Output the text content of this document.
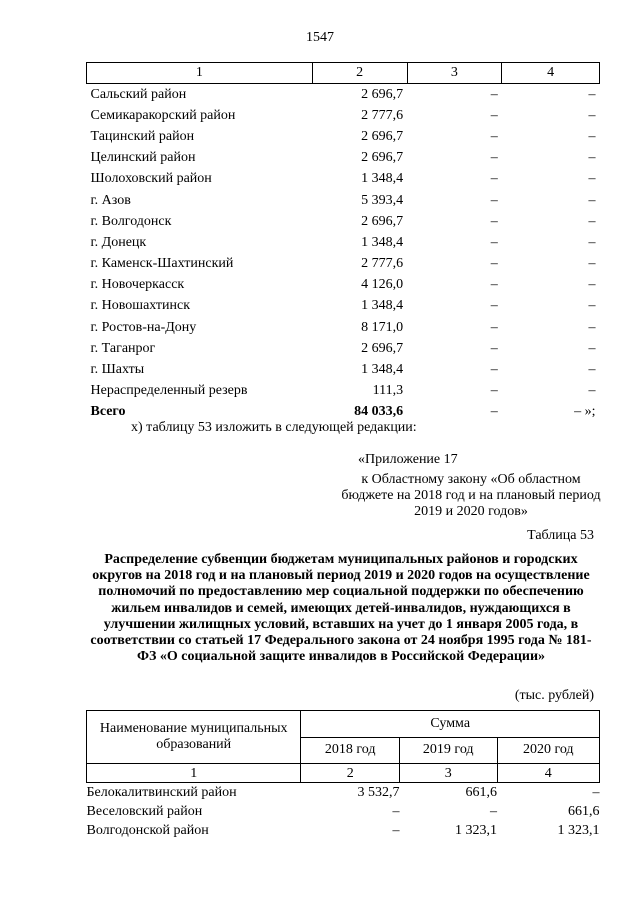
1547
1	2	3	4
Сальский район	2 696,7	–	–
Семикаракорский район	2 777,6	–	–
Тацинский район	2 696,7	–	–
Целинский район	2 696,7	–	–
Шолоховский район	1 348,4	–	–
г. Азов	5 393,4	–	–
г. Волгодонск	2 696,7	–	–
г. Донецк	1 348,4	–	–
г. Каменск-Шахтинский	2 777,6	–	–
г. Новочеркасск	4 126,0	–	–
г. Новошахтинск	1 348,4	–	–
г. Ростов-на-Дону	8 171,0	–	–
г. Таганрог	2 696,7	–	–
г. Шахты	1 348,4	–	–
Нераспределенный резерв	111,3	–	–
Всего	84 033,6	–	– »;
х) таблицу 53 изложить в следующей редакции:
«Приложение 17
к Областному закону «Об областном бюджете на 2018 год и на плановый период 2019 и 2020 годов»
Таблица 53
Распределение субвенции бюджетам муниципальных районов и городских округов на 2018 год и на плановый период 2019 и 2020 годов на осуществление полномочий по предоставлению мер социальной поддержки по обеспечению жильем инвалидов и семей, имеющих детей-инвалидов, нуждающихся в улучшении жилищных условий, вставших на учет до 1 января 2005 года, в соответствии со статьей 17 Федерального закона от 24 ноября 1995 года № 181-ФЗ «О социальной защите инвалидов в Российской Федерации»
(тыс. рублей)
Наименование муниципальных образований	Сумма		
	2018 год	2019 год	2020 год
1	2	3	4
Белокалитвинский район	3 532,7	661,6	–
Веселовский район	–	–	661,6
Волгодонской район	–	1 323,1	1 323,1
